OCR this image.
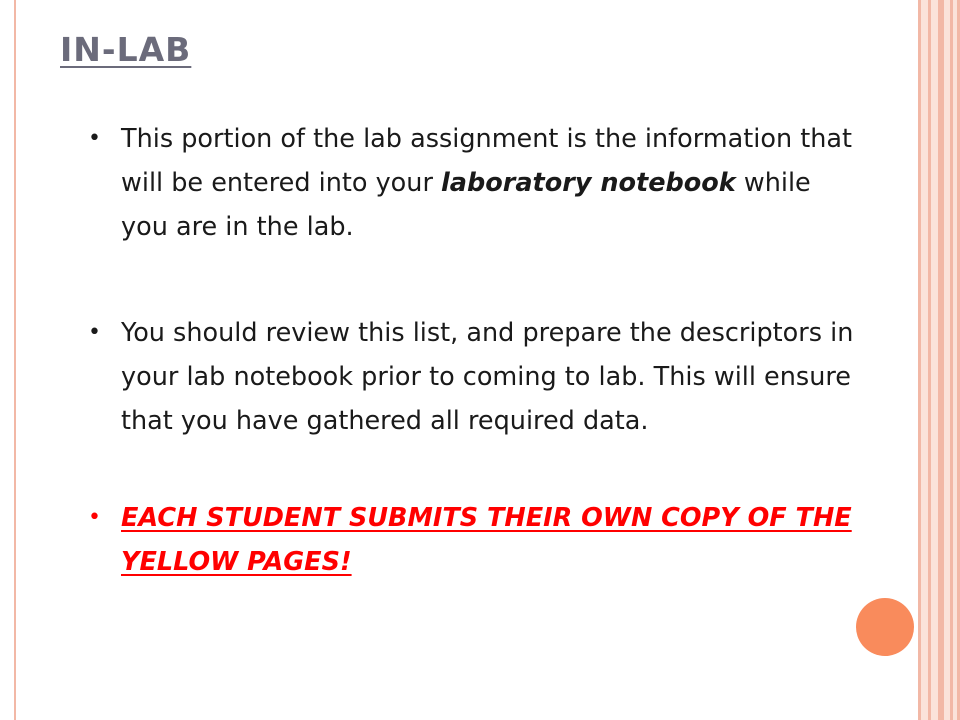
IN-LAB
• This portion of the lab assignment is the information that will be entered into your laboratory notebook while you are in the lab.
• You should review this list, and prepare the descriptors in your lab notebook prior to coming to lab. This will ensure that you have gathered all required data.
• EACH STUDENT SUBMITS THEIR OWN COPY OF THE YELLOW PAGES!
